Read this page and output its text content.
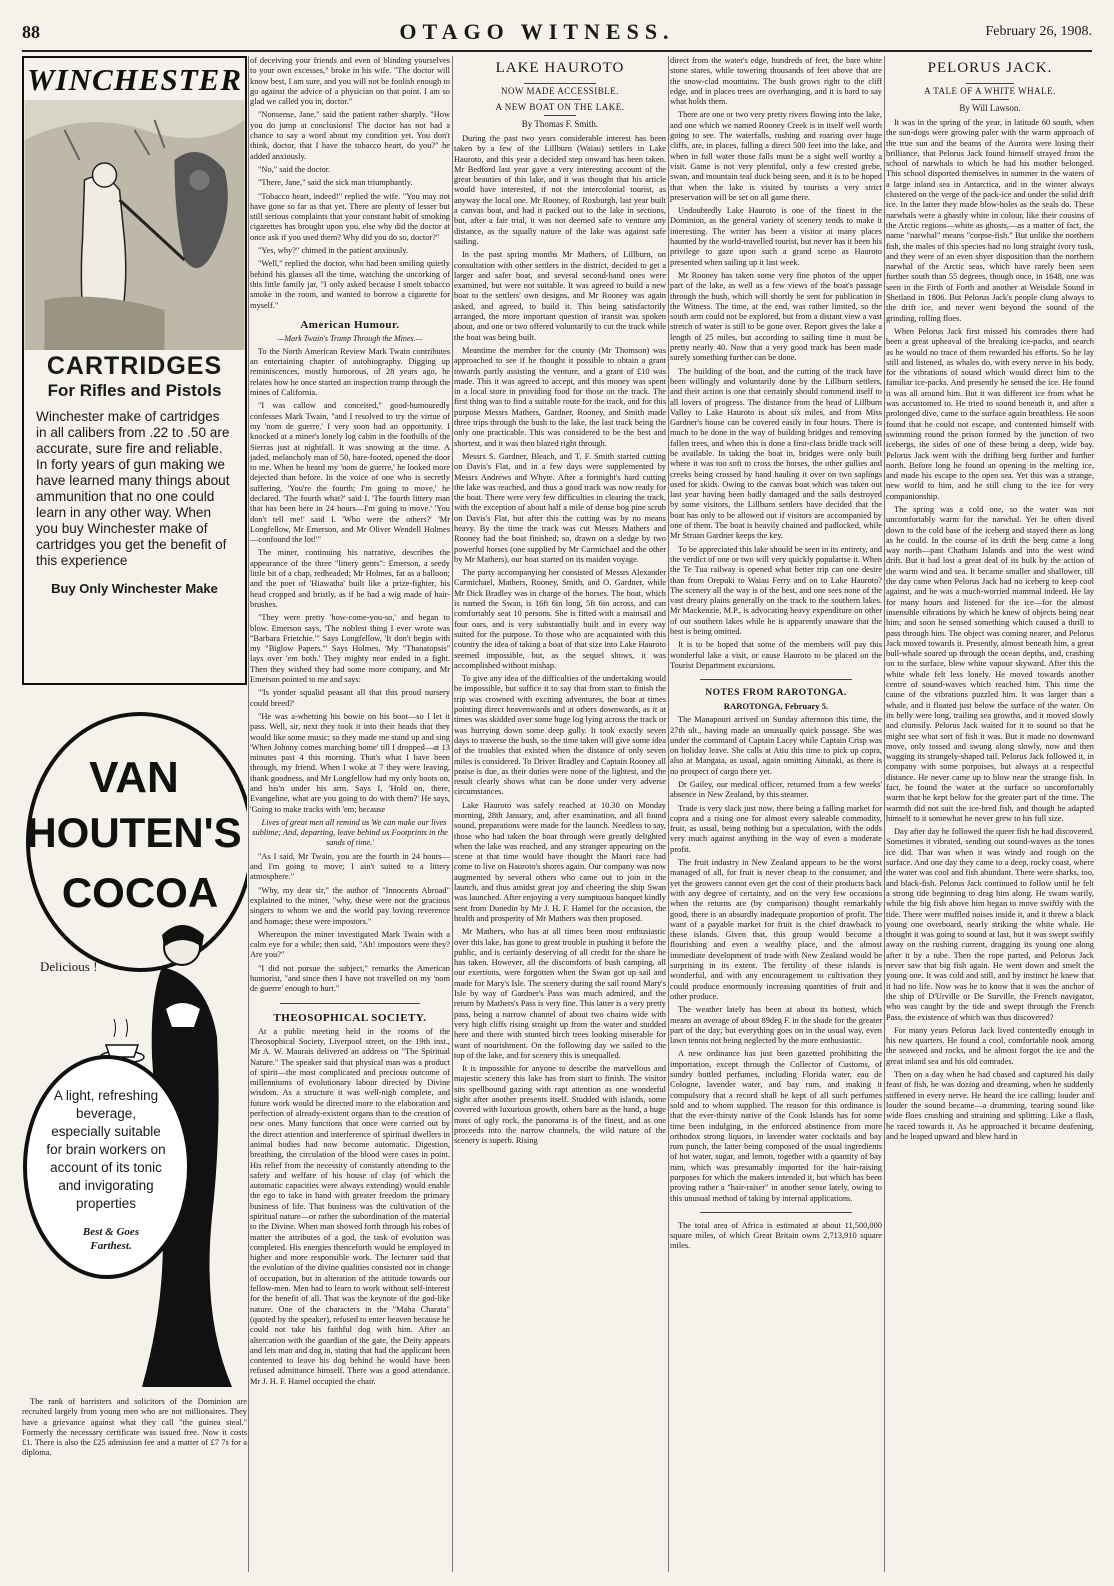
88	OTAGO WITNESS.	February 26, 1908.
WINCHESTER
CARTRIDGES
For Rifles and Pistols
Winchester make of cartridges in all calibers from .22 to .50 are accurate, sure fire and reliable. In forty years of gun making we have learned many things about ammunition that no one could learn in any other way. When you buy Winchester make of cartridges you get the benefit of this experience
Buy Only Winchester Make
VAN
HOUTEN'S
COCOA
Delicious !
A light, refreshing beverage, especially suitable for brain workers on account of its tonic and invigorating properties
Best & Goes Farthest.
The rank of barristers and solicitors of the Dominion are recruited largely from young men who are not millionaires. They have a grievance against what they call "the guinea steal." Formerly the necessary certificate was issued free. Now it costs £1. There is also the £25 admission fee and a matter of £7 7s for a diploma.

of deceiving your friends and even of blinding yourselves to your own excesses," broke in his wife. "The doctor will know best, I am sure, and you will not be foolish enough to go against the advice of a physician on that point. I am so glad we called you in, doctor."

"Nonsense, Jane," said the patient rather sharply. "How you do jump at conclusions! The doctor has not had a chance to say a word about my condition yet. You don't think, doctor, that I have the tobacco heart, do you?" he added anxiously.

"No," said the doctor.

"There, Jane," said the sick man triumphantly.

"Tobacco heart, indeed!" replied the wife. "You may not have gone so far as that yet. There are plenty of lesser but still serious complaints that your constant habit of smoking cigarettes has brought upon you, else why did the doctor at once ask if you used them? Why did you do so, doctor?"

"Yes, why?" chimed in the patient anxiously.

"Well," replied the doctor, who had been smiling quietly behind his glasses all the time, watching the uncorking of this little family jar, "I only asked because I smelt tobacco smoke in the room, and wanted to borrow a cigarette for myself."

American Humour.
—Mark Twain's Tramp Through the Mines.—

To the North American Review Mark Twain contributes an entertaining chapter of autobiography. Digging up reminiscences, mostly humorous, of 28 years ago, he relates how he once started an inspection tramp through the mines of California.

"I was callow and conceited," good-humouredly confesses Mark Twain, "and I resolved to try the virtue of my 'nom de guerre.' I very soon had an opportunity. I knocked at a miner's lonely log cabin in the foothills of the Sierras just at nightfall. It was snowing at the time. A jaded, melancholy man of 50, bare-footed, opened the door to me. When he heard my 'nom de guerre,' he looked more dejected than before. In the voice of one who is secretly suffering, 'You're the fourth; I'm going to move,' he declared. 'The fourth what?' said I. 'The fourth littery man that has been here in 24 hours—I'm going to move.' 'You don't tell me!' said I. 'Who were the others?' 'Mr Longfellow, Mr Emerson, and Mr Oliver Wendell Holmes—confound the lot!'"

The miner, continuing his narrative, describes the appearance of the three "littery gents": Emerson, a seedy little bit of a chap, redheaded; Mr Holmes, fat as a balloon; and the poet of 'Hiawatha' built like a prize-fighter, his head cropped and bristly, as if he had a wig made of hair-brushes.

"They were pretty 'how-come-you-so,' and began to blow. Emerson says, 'The noblest thing I ever wrote was "Barbara Frietchie."' Says Longfellow, 'It don't begin with my "Biglow Papers."' Says Holmes, 'My "Thanatopsis" lays over 'em both.' They mighty near ended in a fight. Then they wished they had some more company, and Mr Emerson pointed to me and says:

"'Is yonder squalid peasant all that this proud nursery could breed?'

"He was a-whetting his bowie on his boot—so I let it pass. Well, sir, next they took it into their heads that they would like some music; so they made me stand up and sing 'When Johnny comes marching home' till I dropped—at 13 minutes past 4 this morning. That's what I have been through, my friend. When I woke at 7 they were leaving, thank goodness, and Mr Longfellow had my only boots on, and his'n under his arm. Says I, 'Hold on, there, Evangeline, what are you going to do with them?' He says, 'Going to make tracks with 'em; because

Lives of great men all remind us We can make our lives sublime; And, departing, leave behind us Footprints in the sands of time.'

"As I said, Mr Twain, you are the fourth in 24 hours—and I'm going to move; I ain't suited to a littery atmosphere."

"Why, my dear sir," the author of "Innocents Abroad" explained to the miner, "why, these were not the gracious singers to whom we and the world pay loving reverence and homage; these were impostors."

Whereupon the miner investigated Mark Twain with a calm eye for a while; then said, "Ah! impostors were they? Are you?"

"I did not pursue the subject," remarks the American humorist, "and since then I have not travelled on my 'nom de guerre' enough to hurt."

THEOSOPHICAL SOCIETY.

At a public meeting held in the rooms of the Theosophical Society, Liverpool street, on the 19th inst., Mr A. W. Maurais delivered an address on "The Spiritual Nature." The speaker said that physical man was a product of spirit—the most complicated and precious outcome of millenniums of evolutionary labour directed by Divine wisdom. As a structure it was well-nigh complete, and future work would be directed more to the elaboration and perfection of already-existent organs than to the creation of new ones. Many functions that once were carried out by the direct attention and interference of spiritual dwellers in animal bodies had now become automatic. Digestion, breathing, the circulation of the blood were cases in point. His relief from the necessity of constantly attending to the safety and welfare of his house of clay (of which the automatic capacities were always extending) would enable the ego to take in hand with greater freedom the primary business of life. That business was the cultivation of the spiritual nature—or rather the subordination of the material to the Divine. When man showed forth through his robes of matter the attributes of a god, the task of evolution was completed. His energies thenceforth would be employed in higher and more responsible work. The lecturer said that the evolution of the divine qualities consisted not in change of occupation, but in alteration of the attitude towards our fellow-men. Men had to learn to work without self-interest for the benefit of all. That was the keynote of the god-like nature. One of the characters in the "Maha Charata" (quoted by the speaker), refused to enter heaven because he could not take his faithful dog with him. After an altercation with the guardian of the gate, the Deity appears and lets man and dog in, stating that had the applicant been contented to leave his dog behind he would have been refused admittance himself. There was a good attendance. Mr J. H. F. Hamel occupied the chair.

LAKE HAUROTO
NOW MADE ACCESSIBLE.
A NEW BOAT ON THE LAKE.
By Thomas F. Smith.

During the past two years considerable interest has been taken by a few of the Lillburn (Waiau) settlers in Lake Hauroto, and this year a decided step onward has been taken. Mr Bedford last year gave a very interesting account of the great beauties of this lake, and it was thought that his article would have interested, if not the intercolonial tourist, as anyway the local one. Mr Rooney, of Roxburgh, last year built a canvas boat, and had it packed out to the lake in sections, but, after a fair trial, it was not deemed safe to venture any distance, as the squally nature of the lake was against safe sailing.

In the past spring months Mr Mathers, of Lillburn, on consultation with other settlers in the district, decided to get a larger and safer boat, and several second-hand ones were examined, but were not suitable. It was agreed to build a new boat to the settlers' own designs, and Mr Rooney was again asked, and agreed, to build it. This being satisfactorily arranged, the more important question of transit was spoken about, and one or two offered voluntarily to cut the track while the boat was being built.

Meantime the member for the county (Mr Thomson) was approached to see if he thought it possible to obtain a grant towards partly assisting the venture, and a grant of £10 was made. This it was agreed to accept, and this money was spent in a local store in providing food for those on the track. The first thing was to find a suitable route for the track, and for this purpose Messrs Mathers, Gardner, Rooney, and Smith made three trips through the bush to the lake, the last track being the only one practicable. This was considered to be the best and shortest, and it was then blazed right through.

Messrs S. Gardner, Bleach, and T. F. Smith started cutting on Davis's Flat, and in a few days were supplemented by Messrs Andrews and Whyte. After a fortnight's hard cutting the lake was reached, and thus a good track was now ready for the boat. There were very few difficulties in clearing the track, with the exception of about half a mile of dense bog pine scrub on Davis's Flat, but after this the cutting was by no means heavy. By the time the track was cut Messrs Mathers and Rooney had the boat finished; so, drawn on a sledge by two powerful horses (one supplied by Mr Carmichael and the other by Mr Mathers), our boat started on its maiden voyage.

The party accompanying her consisted of Messrs Alexander Carmichael, Mathers, Rooney, Smith, and O. Gardner, while Mr Dick Bradley was in charge of the horses. The boat, which is named the Swan, is 16ft 6in long, 5ft 6in across, and can comfortably seat 10 persons. She is fitted with a mainsail and four oars, and is very substantially built and in every way suited for the purpose. To those who are acquainted with this country the idea of taking a boat of that size into Lake Hauroto seemed impossible, but, as the sequel shows, it was accomplished without mishap.

To give any idea of the difficulties of the undertaking would be impossible, but suffice it to say that from start to finish the trip was crowned with exciting adventures, the boat at times pointing direct heavenwards and at others downwards, as it at times was skidded over some huge log lying across the track or was hurrying down some deep gully. It took exactly seven days to traverse the bush, so the time taken will give some idea of the troubles that existed when the distance of only seven miles is considered. To Driver Bradley and Captain Rooney all praise is due, as their duties were none of the lightest, and the result clearly shows what can be done under very adverse circumstances.

Lake Hauroto was safely reached at 10.30 on Monday morning, 28th January, and, after examination, and all found sound, preparations were made for the launch. Needless to say, those who had taken the boat through were greatly delighted when the lake was reached, and any stranger appearing on the scene at that time would have thought the Maori race had come to live on Hauroto's shores again. Our company was now augmented by several others who came out to join in the launch, and thus amidst great joy and cheering the ship Swan was launched. After enjoying a very sumptuous banquet kindly sent from Dunedin by Mr J. H. F. Hamel for the occasion, the health and prosperity of Mr Mathers was then proposed.

Mr Mathers, who has at all times been most enthusiastic over this lake, has gone to great trouble in pushing it before the public, and is certainly deserving of all credit for the share he has taken. However, all the discomforts of bush camping, all our exertions, were forgotten when the Swan got up sail and made for Mary's Isle. The scenery during the sail round Mary's Isle by way of Gardner's Pass was much admired, and the return by Mathers's Pass is very fine. This latter is a very pretty pass, being a narrow channel of about two chains wide with very high cliffs rising straight up from the water and studded here and there with stunted birch trees looking miserable for want of nourishment. On the following day we sailed to the top of the lake, and for scenery this is unequalled.

It is impossible for anyone to describe the marvellous and majestic scenery this lake has from start to finish. The visitor sits spellbound gazing with rapt attention as one wonderful sight after another presents itself. Studded with islands, some covered with luxurious growth, others bare as the hand, a huge mass of ugly rock, the panorama is of the finest, and as one proceeds into the narrow channels, the wild nature of the scenery is superb. Rising

direct from the water's edge, hundreds of feet, the bare white stone stares, while towering thousands of feet above that are the snow-clad mountains. The bush grows right to the cliff edge, and in places trees are overhanging, and it is hard to say what holds them.

There are one or two very pretty rivers flowing into the lake, and one which we named Rooney Creek is in itself well worth going to see. The waterfalls, rushing and roaring over huge cliffs, are, in places, falling a direct 500 feet into the lake, and when in full water those falls must be a sight well worthy a visit. Game is not very plentiful, only a few crested grebe, swan, and mountain teal duck being seen, and it is to be hoped that when the lake is visited by tourists a very strict preservation will be set on all game there.

Undoubtedly Lake Hauroto is one of the finest in the Dominion, as the general variety of scenery tends to make it interesting. The writer has been a visitor at many places haunted by the world-travelled tourist, but never has it been his privilege to gaze upon such a grand scene as Hauroto presented when sailing up it last week.

Mr Rooney has taken some very fine photos of the upper part of the lake, as well as a few views of the boat's passage through the bush, which will shortly be sent for publication in the Witness. The time, at the end, was rather limited, so the south arm could not be explored, but from a distant view a vast stretch of water is still to be gone over. Report gives the lake a length of 25 miles, but according to sailing time it must be pretty nearly 40. Now that a very good track has been made surely something further can be done.

The building of the boat, and the cutting of the track have been willingly and voluntarily done by the Lillburn settlers, and their action is one that certainly should commend itself to all lovers of progress. The distance from the head of Lillburn Valley to Lake Hauroto is about six miles, and from Miss Gardner's house can be covered easily in four hours. There is much to be done in the way of building bridges and removing fallen trees, and when this is done a first-class bridle track will be available. In taking the boat in, bridges were only built where it was too soft to cross the horses, the other gullies and creeks being crossed by hand hauling it over on two saplings used for skids. Owing to the canvas boat which was taken out last year having been badly damaged and the sails destroyed by some visitors, the Lillburn settlers have decided that the boat has only to be allowed out if visitors are accompanied by one of them. The boat is heavily chained and padlocked, while Mr Struan Gardner keeps the key.

To be appreciated this lake should be seen in its entirety, and the verdict of one or two will very quickly popularise it. When the Te Tua railway is opened what better trip can one desire than from Orepuki to Waiau Ferry and on to Lake Hauroto? The scenery all the way is of the best, and one sees none of the vast dreary plains generally on the track to the southern lakes. Mr Mackenzie, M.P., is advocating heavy expenditure on other of our southern lakes while he is apparently unaware that the best is being omitted.

It is to be hoped that some of the members will pay this wonderful lake a visit, or cause Hauroto to be placed on the Tourist Department excursions.

NOTES FROM RAROTONGA.
RAROTONGA, February 5.

The Manapouri arrived on Sunday afternoon this time, the 27th ult., having made an unusually quick passage. She was under the command of Captain Lacey while Captain Crisp was on holiday leave. She calls at Atiu this time to pick up copra, also at Mangaia, as usual, again omitting Aitutaki, as there is no prospect of cargo there yet.

Dr Gailey, our medical officer, returned from a few weeks' absence in New Zealand, by this steamer.

Trade is very slack just now, there being a falling market for copra and a rising one for almost every saleable commodity, fruit, as usual, being nothing but a speculation, with the odds very much against anything in the way of even a moderate profit.

The fruit industry in New Zealand appears to be the worst managed of all, for fruit is never cheap to the consumer, and yet the growers cannot even get the cost of their products back with any degree of certainty, and on the very few occasions when the returns are (by comparison) thought remarkably good, there is an absurdly inadequate proportion of profit. The want of a payable market for fruit is the chief drawback to these islands. Given that, this group would become a flourishing and even a wealthy place, and the almost immediate development of trade with New Zealand would be surprising in its extent. The fertility of these islands is wonderful, and with any encouragement to cultivation they could produce enormously increasing quantities of fruit and other produce.

The weather lately has been at about its hottest, which means an average of about 89deg F. in the shade for the greater part of the day; but everything goes on in the usual way, even lawn tennis not being neglected by the more enthusiastic.

A new ordinance has just been gazetted prohibiting the importation, except through the Collector of Customs, of sundry bottled perfumes, including Florida water, eau de Cologne, lavender water, and bay rum, and making it compulsory that a record shall be kept of all such perfumes sold and to whom supplied. The reason for this ordinance is that the ever-thirsty native of the Cook Islands has for some time been indulging, in the enforced abstinence from more orthodox strong liquors, in lavender water cocktails and bay rum punch, the latter being composed of the usual ingredients of hot water, sugar, and lemon, together with a quantity of bay rum, which was presumably imported for the hair-raising purposes for which the makers intended it, but which has been proving rather a "hair-raiser" in another sense lately, owing to this unusual method of taking by internal applications.

The total area of Africa is estimated at about 11,500,000 square miles, of which Great Britain owns 2,713,910 square miles.

PELORUS JACK.
A TALE OF A WHITE WHALE.
By Will Lawson.

It was in the spring of the year, in latitude 60 south, when the sun-dogs were growing paler with the warm approach of the true sun and the beams of the Aurora were losing their brilliance, that Pelorus Jack found himself strayed from the school of narwhals to which he had his mother belonged. This school disported themselves in summer in the waters of a large inland sea in Antarctica, and in the winter always clustered on the verge of the pack-ice and under the solid drift ice. In the latter they made blow-holes as the seals do. These narwhals were a ghastly white in colour, like their cousins of the Arctic regions—white as ghosts,—as a matter of fact, the name "narwhal" means "corpse-fish." But unlike the northern fish, the males of this species had no long straight ivory tusk, and they were of an even shyer disposition than the northern narwhal of the Arctic seas, which have rarely been seen further south than 55 degrees, though once, in 1648, one was seen in the Firth of Forth and another at Weisdale Sound in Shetland in 1806. But Pelorus Jack's people clung always to the drift ice, and never went beyond the sound of the grinding, rolling floes.

When Pelorus Jack first missed his comrades there had been a great upheaval of the breaking ice-packs, and search as he would no trace of them rewarded his efforts. So he lay still and listened, as whales do, with every nerve in his body, for the vibrations of sound which would direct him to the familiar ice-packs. And presently he sensed the ice. He found it was all around him. But it was different ice from what he was accustomed to. He tried to sound beneath it, and after a prolonged dive, came to the surface again breathless. He soon found that he could not escape, and contented himself with swimming round the prison formed by the junction of two icebergs, the sides of one of these being a deep, wide bay. Pelorus Jack went with the drifting berg further and further north. Before long he found an opening in the melting ice, and made his escape to the open sea. Yet this was a strange, new world to him, and he still clung to the ice for very companionship.

The spring was a cold one, so the water was not uncomfortably warm for the narwhal. Yet he often dived down to the cold base of the iceberg and stayed there as long as he could. In the course of its drift the berg came a long way north—past Chatham Islands and into the west wind drift. But it had lost a great deal of its bulk by the action of the warm wind and sea. It became smaller and shallower, till the day came when Pelorus Jack had no iceberg to keep cool against, and he was a much-worried mammal indeed. He lay for many hours and listened for the ice—for the almost insensible vibrations by which he knew of objects being near him; and soon he sensed something which caused a thrill to pass through him. The object was coming nearer, and Pelorus Jack moved towards it. Presently, almost beneath him, a great bull-whale soared up through the ocean depths, and, crashing on to the surface, blew white vapour skyward. After this the white whale felt less lonely. He moved towards another centre of sound-waves which reached him. This time the cause of the vibrations puzzled him. It was larger than a whale, and it floated just below the surface of the water. On its belly were long, trailing sea growths, and it moved slowly and clumsily. Pelorus Jack waited for it to sound so that he might see what sort of fish it was. But it made no downward move, only tossed and swung along slowly, now and then wagging its strangely-shaped tail. Pelorus Jack followed it, in company with some porpoises, but always at a respectful distance. He never came up to blow near the strange fish. In fact, he found the water at the surface so uncomfortably warm that he kept below for the greater part of the time. The warmth did not suit the ice-bred fish, and though he adapted himself to it somewhat he never grew to his full size.

Day after day he followed the queer fish he had discovered. Sometimes it vibrated, sending out sound-waves as the tones ice did. That was when it was windy and rough on the surface. And one day they came to a deep, rocky coast, where the water was cool and fish abundant. There were sharks, too, and black-fish. Pelorus Jack continued to follow until he felt a strong tide beginning to drag him along. He swam warily, while the big fish above him began to move swiftly with the tide. There were muffled noises inside it, and it threw a black young one overboard, nearly striking the white whale. He thought it was going to sound at last, but it was swept swiftly away on the rushing current, dragging its young one along after it by a tube. Then the rope parted, and Pelorus Jack never saw that big fish again. He went down and smelt the young one. It was cold and still, and by instinct he knew that it had no life. Now was he to know that it was the anchor of the ship of D'Urville or De Surville, the French navigator, who was caught by the tide and swept through the French Pass, the existence of which was thus discovered?

For many years Pelorus Jack lived contentedly enough in his new quarters. He found a cool, comfortable nook among the seaweed and rocks, and he almost forgot the ice and the great inland sea and his old comrades.

Then on a day when he had chased and captured his daily feast of fish, he was dozing and dreaming, when he suddenly stiffened in every nerve. He heard the ice calling; louder and louder the sound became—a drumming, tearing sound like wide floes crushing and straining and splitting. Like a flash, he raced towards it. As he approached it became deafening, and he leaped upward and blew hard in
